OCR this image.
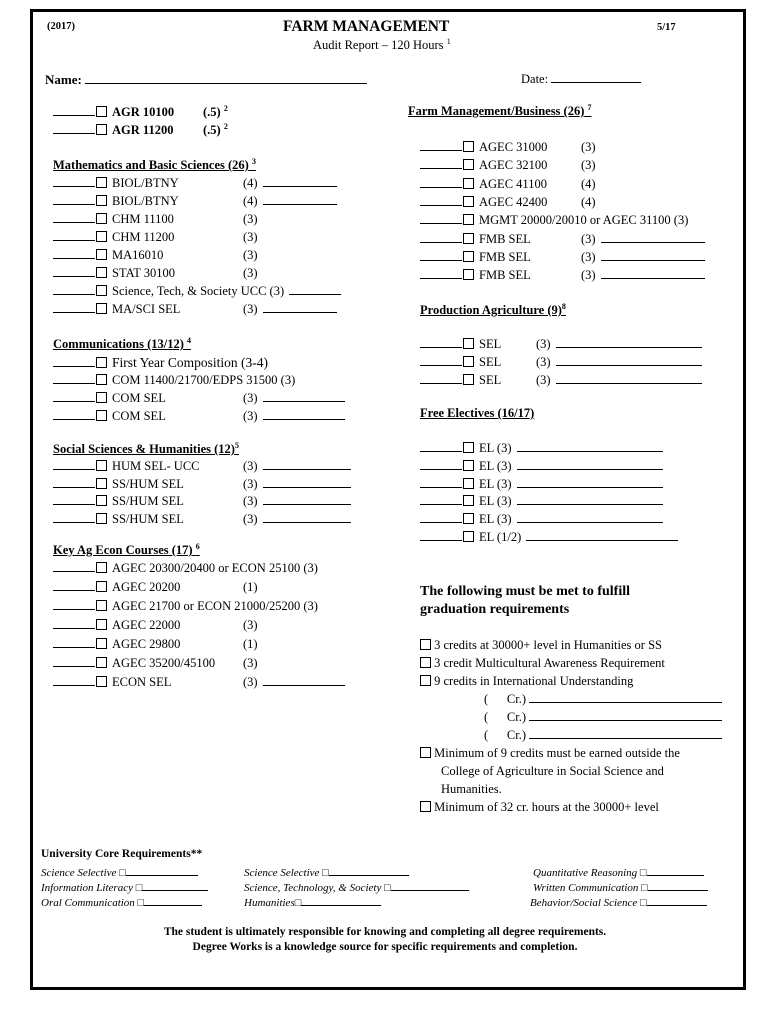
(2017)	FARM MANAGEMENT
Audit Report – 120 Hours $^1$
5/17
Name:	Date:
AGR 10100 (.5) $^2$
AGR 11200 (.5) $^2$
Mathematics and Basic Sciences (26) $^3$
Communications (13/12) $^4$
Social Sciences & Humanities $(12)^5$
Key Ag Econ Courses (17) $^6$
Farm Management/Business (26) $^7$
Production Agriculture $(9)^8$
Free Electives (16/17)
The following must be met to fulfill
graduation requirements
3 credits at 30000+ level in Humanities or SS
3 credit Multicultural Awareness Requirement
9 credits in International Understanding
(      Cr.)
(      Cr.)
(      Cr.)
Minimum of 9 credits must be earned outside the
College of Agriculture in Social Science and
Humanities.
Minimum of 32 cr. hours at the 30000+ level
University Core Requirements**
Science Selective □
Information Literacy □
Oral Communication □
Science Selective □
Science, Technology, & Society □
Humanities□
Quantitative Reasoning □
Written Communication □
Behavior/Social Science □
The student is ultimately responsible for knowing and completing all degree requirements.
Degree Works is a knowledge source for specific requirements and completion.
BIOL/BTNY	(4)
BIOL/BTNY	(4)
CHM 11100	(3)
CHM 11200	(3)
MA16010	(3)
STAT 30100	(3)
Science, Tech, & Society UCC (3)
MA/SCI SEL	(3)
First Year Composition (3-4)
COM 11400/21700/EDPS 31500 (3)
COM SEL	(3)
COM SEL	(3)
HUM SEL- UCC	(3)
SS/HUM SEL	(3)
SS/HUM SEL	(3)
SS/HUM SEL	(3)
AGEC 20300/20400 or ECON 25100 (3)
AGEC 20200	(1)
AGEC 21700 or ECON 21000/25200 (3)
AGEC 22000	(3)
AGEC 29800	(1)
AGEC 35200/45100 (3)
ECON SEL	(3)
AGEC 31000	(3)
AGEC 32100	(3)
AGEC 41100	(4)
AGEC 42400	(4)
MGMT 20000/20010 or AGEC 31100 (3)
FMB SEL	(3)
FMB SEL	(3)
FMB SEL	(3)
SEL	(3)
SEL	(3)
SEL	(3)
EL (3)
EL (3)
EL (3)
EL (3)
EL (3)
EL (1/2)
